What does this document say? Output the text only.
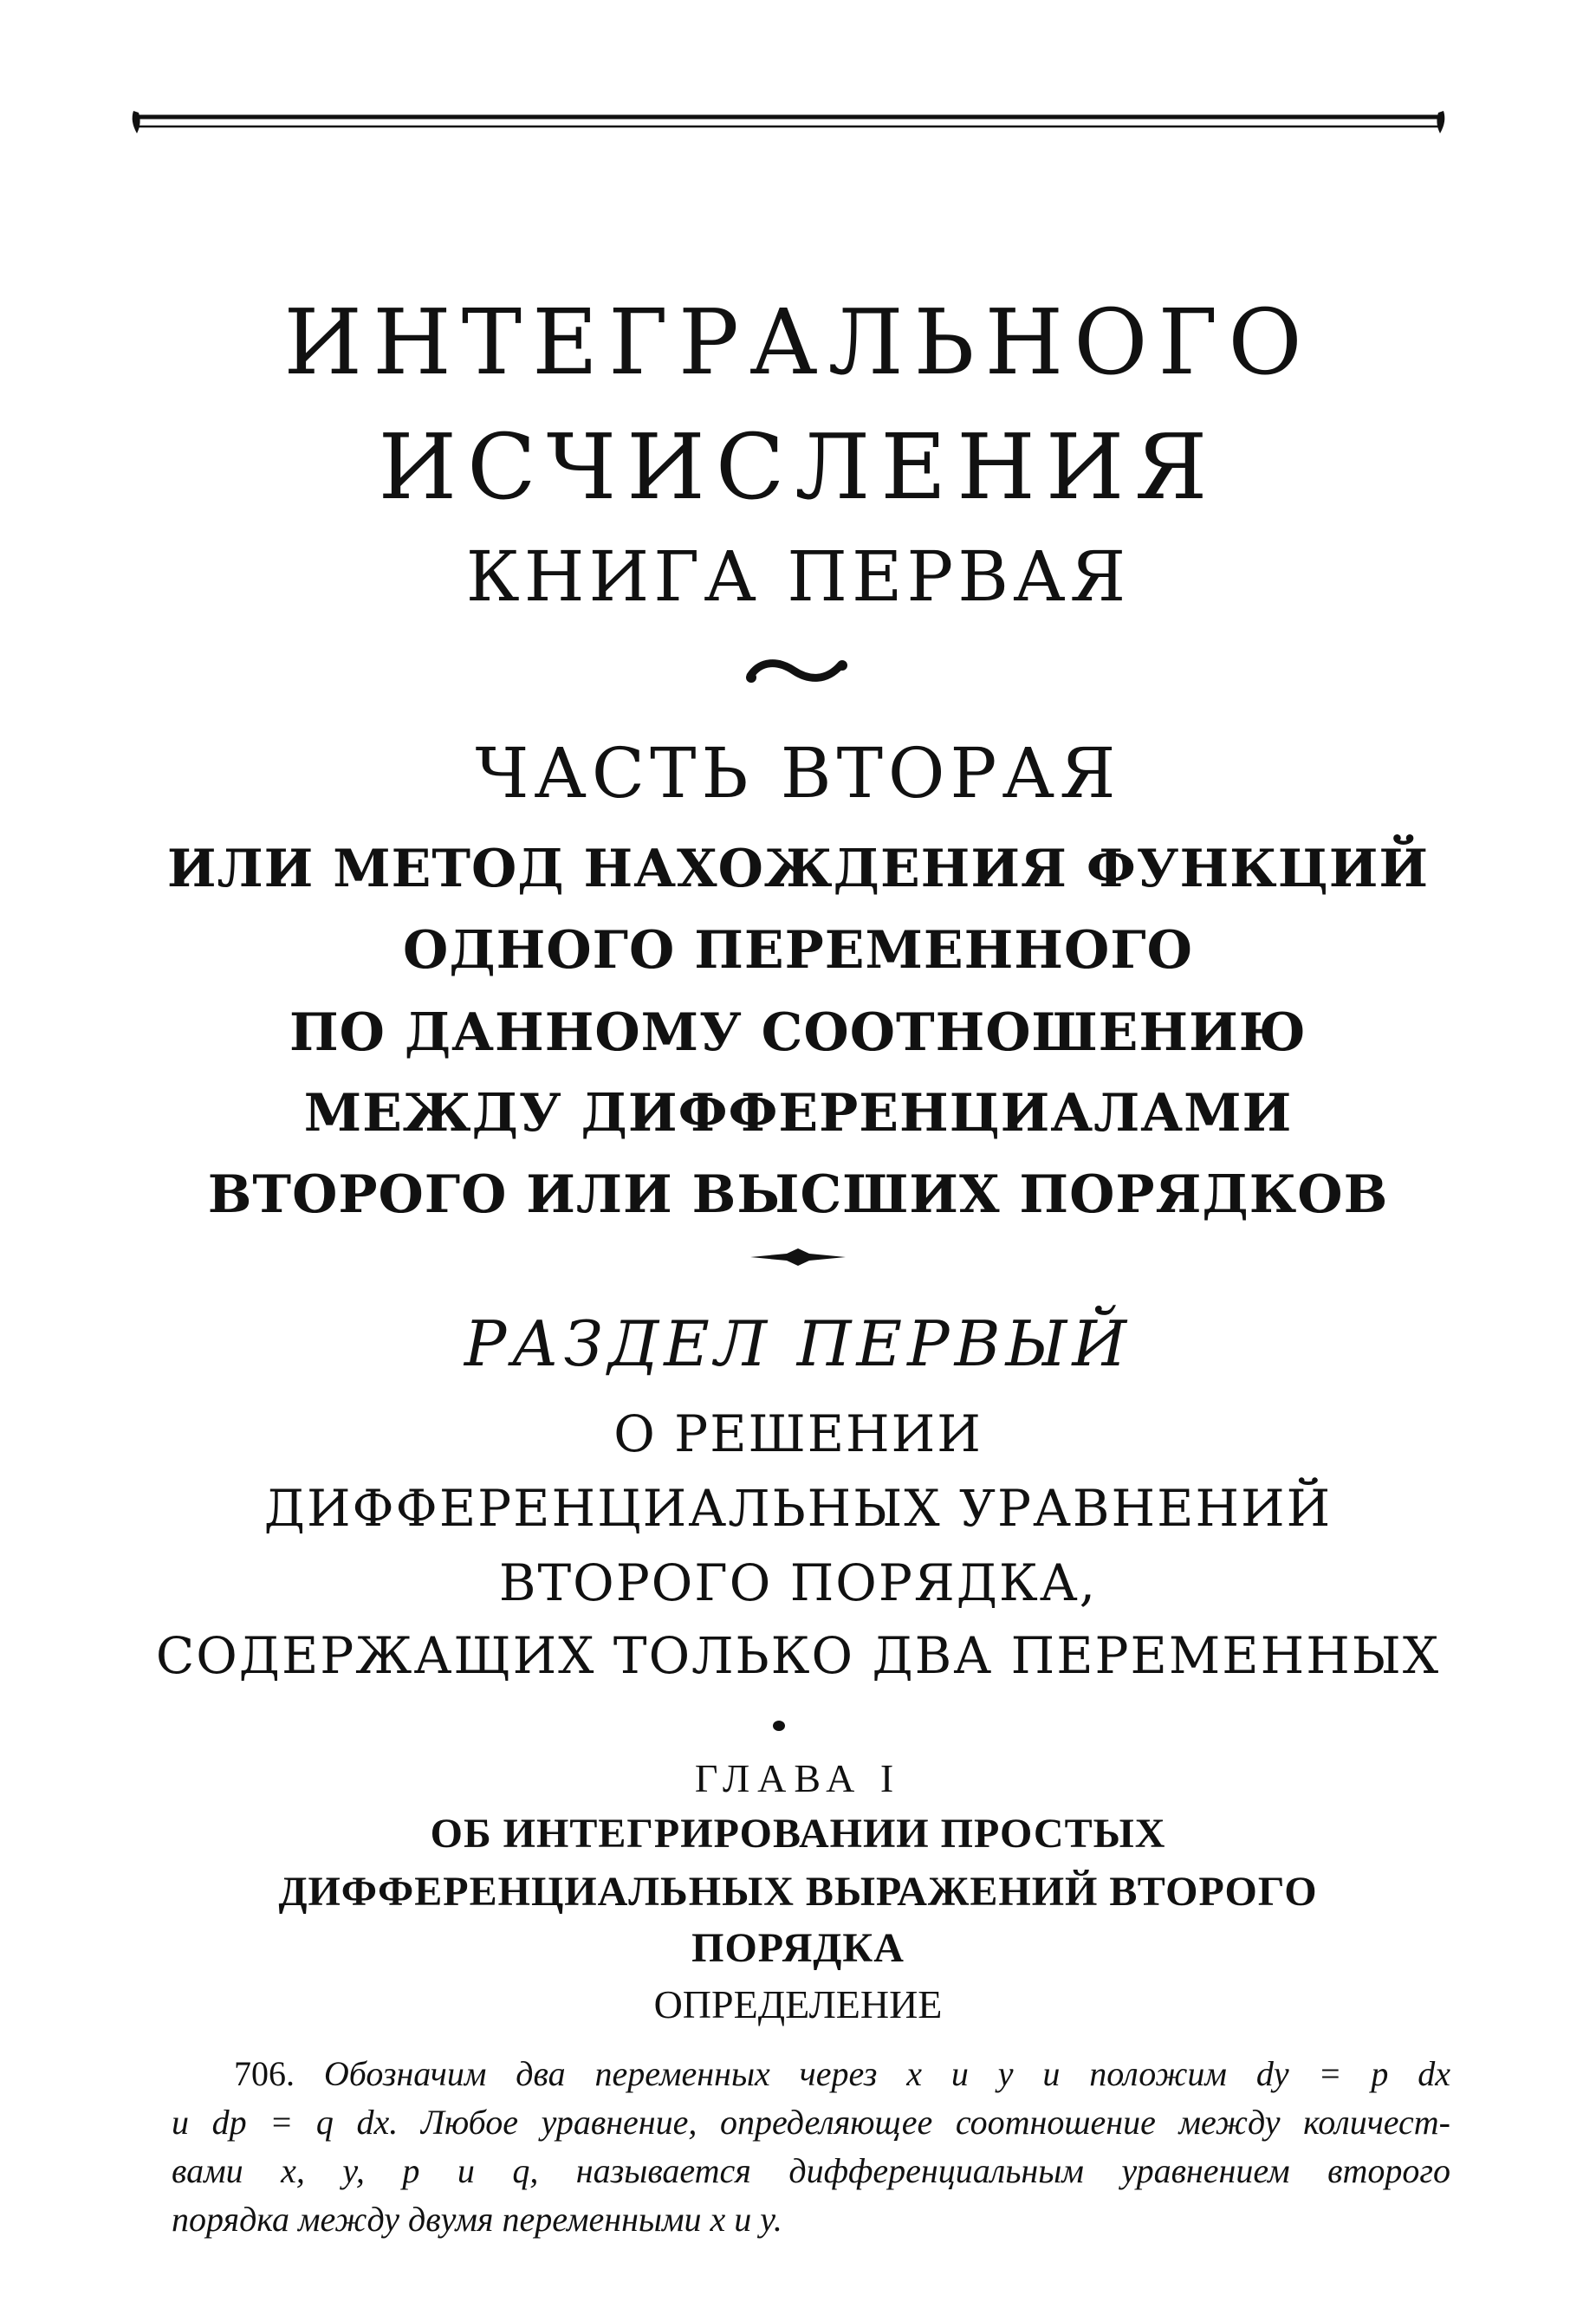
ИНТЕГРАЛЬНОГО
ИСЧИСЛЕНИЯ
КНИГА ПЕРВАЯ
ЧАСТЬ ВТОРАЯ
ИЛИ МЕТОД НАХОЖДЕНИЯ ФУНКЦИЙ
ОДНОГО ПЕРЕМЕННОГО
ПО ДАННОМУ СООТНОШЕНИЮ
МЕЖДУ ДИФФЕРЕНЦИАЛАМИ
ВТОРОГО ИЛИ ВЫСШИХ ПОРЯДКОВ
РАЗДЕЛ ПЕРВЫЙ
О РЕШЕНИИ
ДИФФЕРЕНЦИАЛЬНЫХ УРАВНЕНИЙ
ВТОРОГО ПОРЯДКА,
СОДЕРЖАЩИХ ТОЛЬКО ДВА ПЕРЕМЕННЫХ
ГЛАВА I
ОБ ИНТЕГРИРОВАНИИ ПРОСТЫХ
ДИФФЕРЕНЦИАЛЬНЫХ ВЫРАЖЕНИЙ ВТОРОГО
ПОРЯДКА
ОПРЕДЕЛЕНИЕ
706. Обозначим два переменных через x и y и положим dy = p dx
и dp = q dx. Любое уравнение, определяющее соотношение между количест-
вами x, y, p и q, называется дифференциальным уравнением второго
порядка между двумя переменными x и y.
